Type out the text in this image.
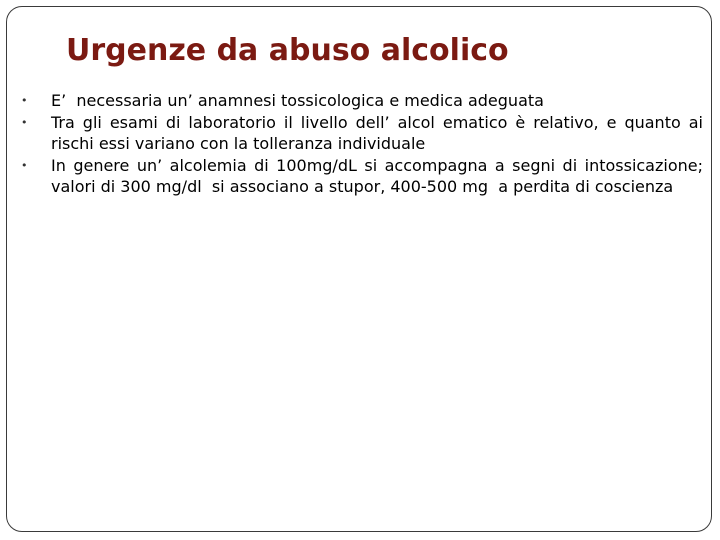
Urgenze da abuso alcolico
•	E’  necessaria un’ anamnesi tossicologica e medica adeguata
•	Tra gli esami di laboratorio il livello dell’ alcol ematico è relativo, e quanto ai rischi essi variano con la tolleranza individuale
•	In genere un’ alcolemia di 100mg/dL si accompagna a segni di intossicazione; valori di 300 mg/dl  si associano a stupor, 400-500 mg  a perdita di coscienza
